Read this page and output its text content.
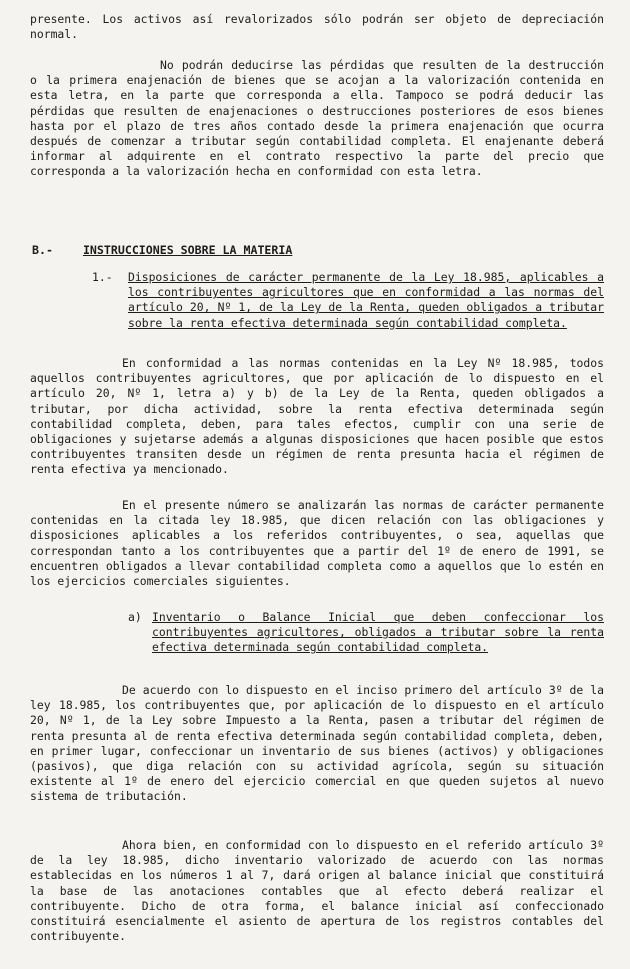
presente. Los activos así revalorizados sólo podrán ser objeto de depreciación normal.

No podrán deducirse las pérdidas que resulten de la destrucción o la primera enajenación de bienes que se acojan a la valorización contenida en esta letra, en la parte que corresponda a ella. Tampoco se podrá deducir las pérdidas que resulten de enajenaciones o destrucciones posteriores de esos bienes hasta por el plazo de tres años contado desde la primera enajenación que ocurra después de comenzar a tributar según contabilidad completa. El enajenante deberá informar al adquirente en el contrato respectivo la parte del precio que corresponda a la valorización hecha en conformidad con esta letra.

B.-	INSTRUCCIONES SOBRE LA MATERIA
1.- Disposiciones de carácter permanente de la Ley 18.985, aplicables a los contribuyentes agricultores que en conformidad a las normas del artículo 20, Nº 1, de la Ley de la Renta, queden obligados a tributar sobre la renta efectiva determinada según contabilidad completa.

En conformidad a las normas contenidas en la Ley Nº 18.985, todos aquellos contribuyentes agricultores, que por aplicación de lo dispuesto en el artículo 20, Nº 1, letra a) y b) de la Ley de la Renta, queden obligados a tributar, por dicha actividad, sobre la renta efectiva determinada según contabilidad completa, deben, para tales efectos, cumplir con una serie de obligaciones y sujetarse además a algunas disposiciones que hacen posible que estos contribuyentes transiten desde un régimen de renta presunta hacia el régimen de renta efectiva ya mencionado.

En el presente número se analizarán las normas de carácter permanente contenidas en la citada ley 18.985, que dicen relación con las obligaciones y disposiciones aplicables a los referidos contribuyentes, o sea, aquellas que correspondan tanto a los contribuyentes que a partir del 1º de enero de 1991, se encuentren obligados a llevar contabilidad completa como a aquellos que lo estén en los ejercicios comerciales siguientes.

a) Inventario o Balance Inicial que deben confeccionar los contribuyentes agricultores, obligados a tributar sobre la renta efectiva determinada según contabilidad completa.

De acuerdo con lo dispuesto en el inciso primero del artículo 3º de la ley 18.985, los contribuyentes que, por aplicación de lo dispuesto en el artículo 20, Nº 1, de la Ley sobre Impuesto a la Renta, pasen a tributar del régimen de renta presunta al de renta efectiva determinada según contabilidad completa, deben, en primer lugar, confeccionar un inventario de sus bienes (activos) y obligaciones (pasivos), que diga relación con su actividad agrícola, según su situación existente al 1º de enero del ejercicio comercial en que queden sujetos al nuevo sistema de tributación.

Ahora bien, en conformidad con lo dispuesto en el referido artículo 3º de la ley 18.985, dicho inventario valorizado de acuerdo con las normas establecidas en los números 1 al 7, dará origen al balance inicial que constituirá la base de las anotaciones contables que al efecto deberá realizar el contribuyente. Dicho de otra forma, el balance inicial así confeccionado constituirá esencialmente el asiento de apertura de los registros contables del contribuyente.
